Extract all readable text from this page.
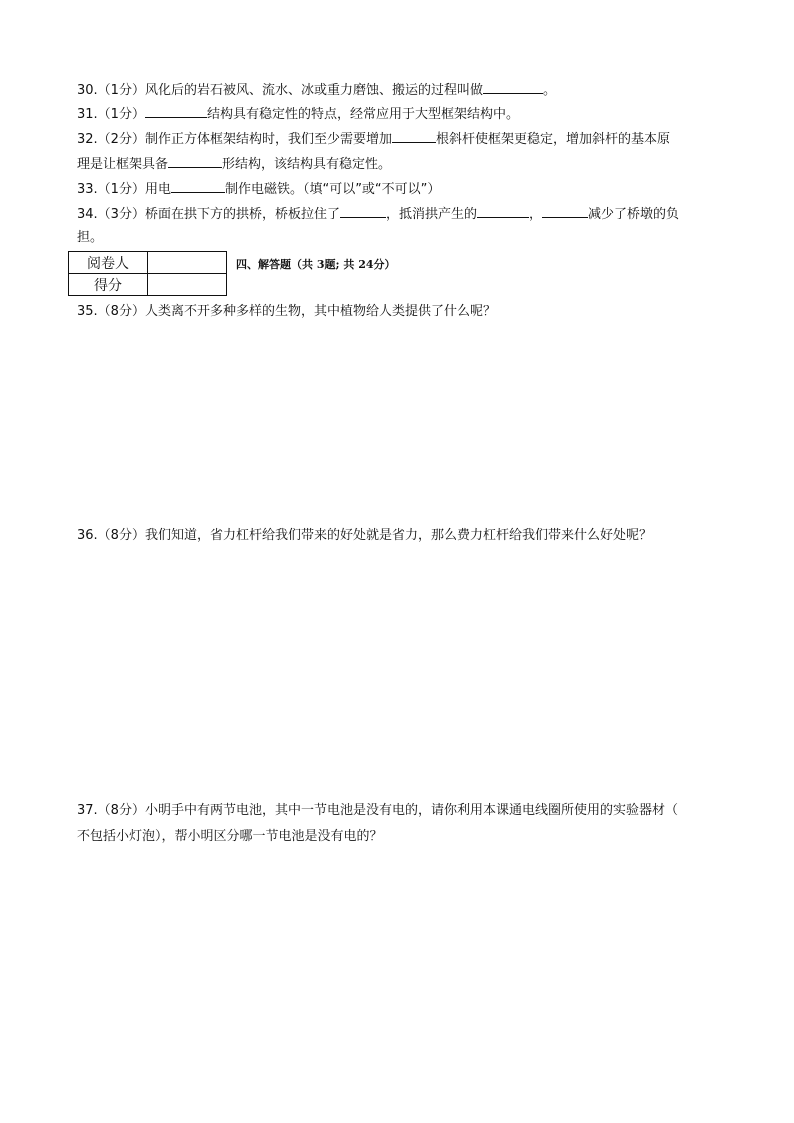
30.（1分）风化后的岩石被风、流水、冰或重力磨蚀、搬运的过程叫做	。
31.（1分）	结构具有稳定性的特点，经常应用于大型框架结构中。
32.（2分）制作正方体框架结构时，我们至少需要增加	根斜杆使框架更稳定，增加斜杆的基本原
理是让框架具备	形结构，该结构具有稳定性。
33.（1分）用电	制作电磁铁。（填“可以”或“不可以”）
34.（3分）桥面在拱下方的拱桥，桥板拉住了	，抵消拱产生的	，	减少了桥墩的负
担。
阅卷人	
得分	
四、解答题（共 3题; 共 24分）
35.（8分）人类离不开多种多样的生物，其中植物给人类提供了什么呢？
36.（8分）我们知道，省力杠杆给我们带来的好处就是省力，那么费力杠杆给我们带来什么好处呢？
37.（8分）小明手中有两节电池，其中一节电池是没有电的，请你利用本课通电线圈所使用的实验器材（
不包括小灯泡），帮小明区分哪一节电池是没有电的？
